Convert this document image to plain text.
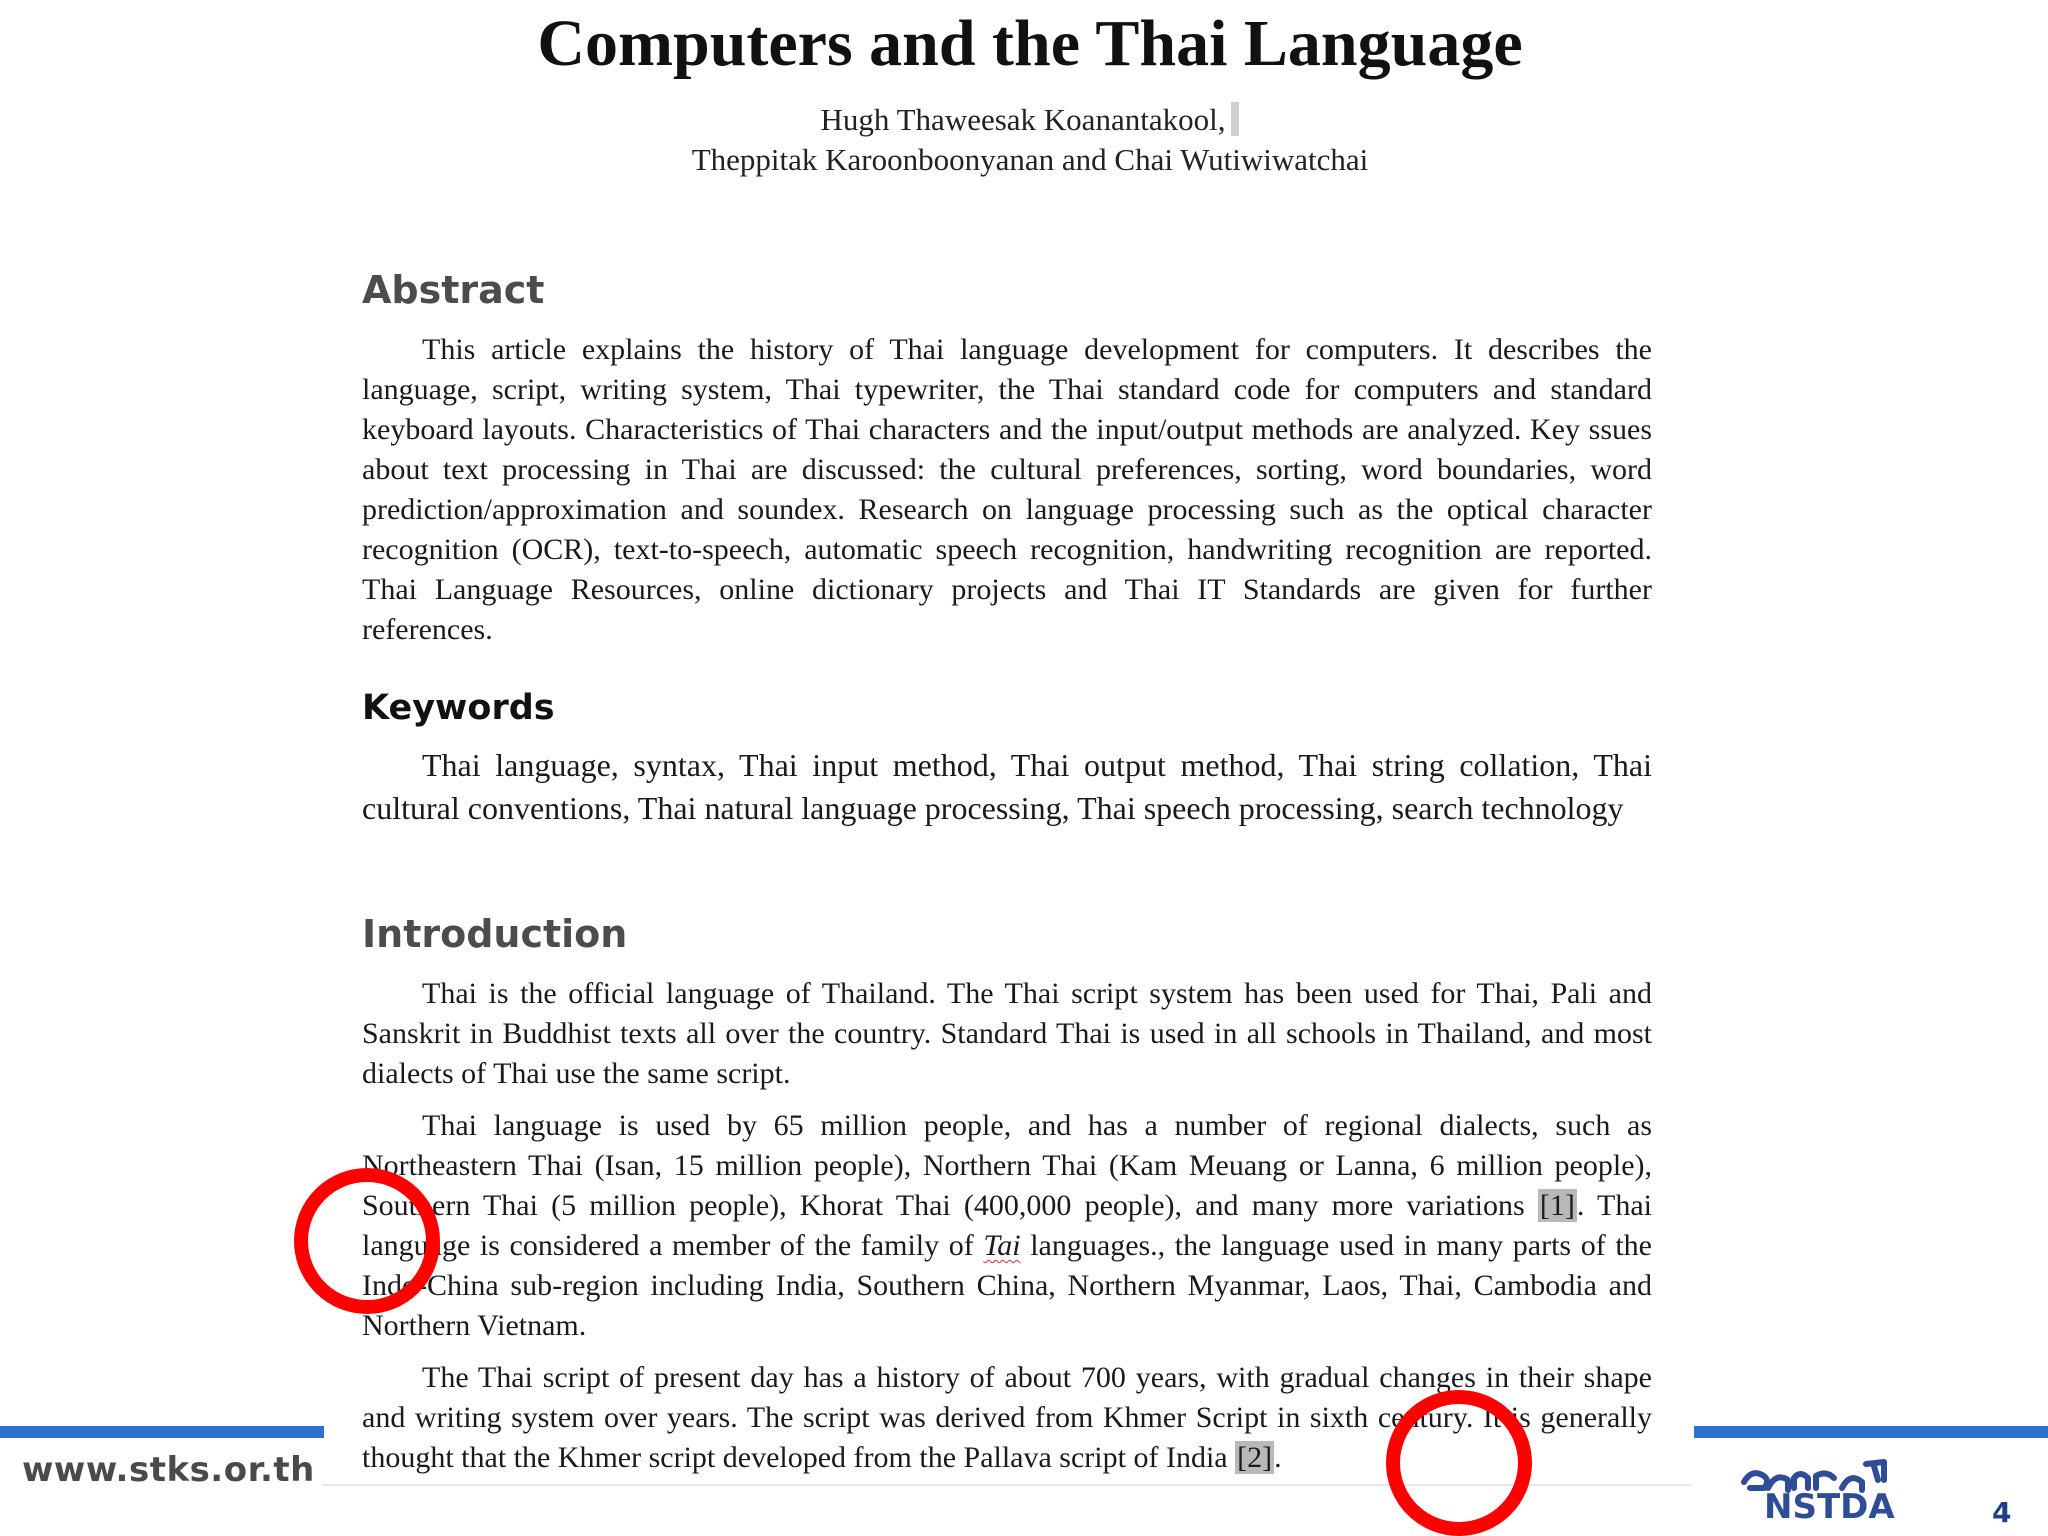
Computers and the Thai Language
Hugh Thaweesak Koanantakool,
Theppitak Karoonboonyanan and Chai Wutiwiwatchai
Abstract

This article explains the history of Thai language development for computers. It describes the language, script, writing system, Thai typewriter, the Thai standard code for computers and standard keyboard layouts. Characteristics of Thai characters and the input/output methods are analyzed. Key ssues about text processing in Thai are discussed: the cultural preferences, sorting, word boundaries, word prediction/approximation and soundex. Research on language processing such as the optical character recognition (OCR), text-to-speech, automatic speech recognition, handwriting recognition are reported. Thai Language Resources, online dictionary projects and Thai IT Standards are given for further references.

Keywords

Thai language, syntax, Thai input method, Thai output method, Thai string collation, Thai cultural conventions, Thai natural language processing, Thai speech processing, search technology

Introduction

Thai is the official language of Thailand. The Thai script system has been used for Thai, Pali and Sanskrit in Buddhist texts all over the country. Standard Thai is used in all schools in Thailand, and most dialects of Thai use the same script.

Thai language is used by 65 million people, and has a number of regional dialects, such as Northeastern Thai (Isan, 15 million people), Northern Thai (Kam Meuang or Lanna, 6 million people), Southern Thai (5 million people), Khorat Thai (400,000 people), and many more variations [1]. Thai language is considered a member of the family of Tai languages., the language used in many parts of the Indo-China sub-region including India, Southern China, Northern Myanmar, Laos, Thai, Cambodia and Northern Vietnam.

The Thai script of present day has a history of about 700 years, with gradual changes in their shape and writing system over years. The script was derived from Khmer Script in sixth century. It is generally thought that the Khmer script developed from the Pallava script of India [2].

www.stks.or.th
NSTDA	4
